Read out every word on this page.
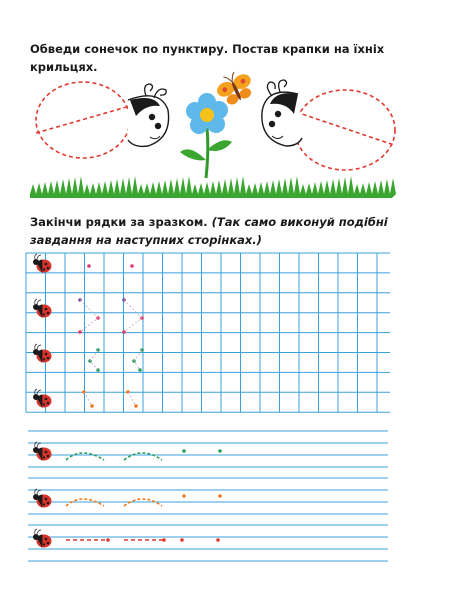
Обведи сонечок по пунктиру. Постав крапки на їхніх крильцях.
Закінчи рядки за зразком. (Так само виконуй подібні завдання на наступних сторінках.)
